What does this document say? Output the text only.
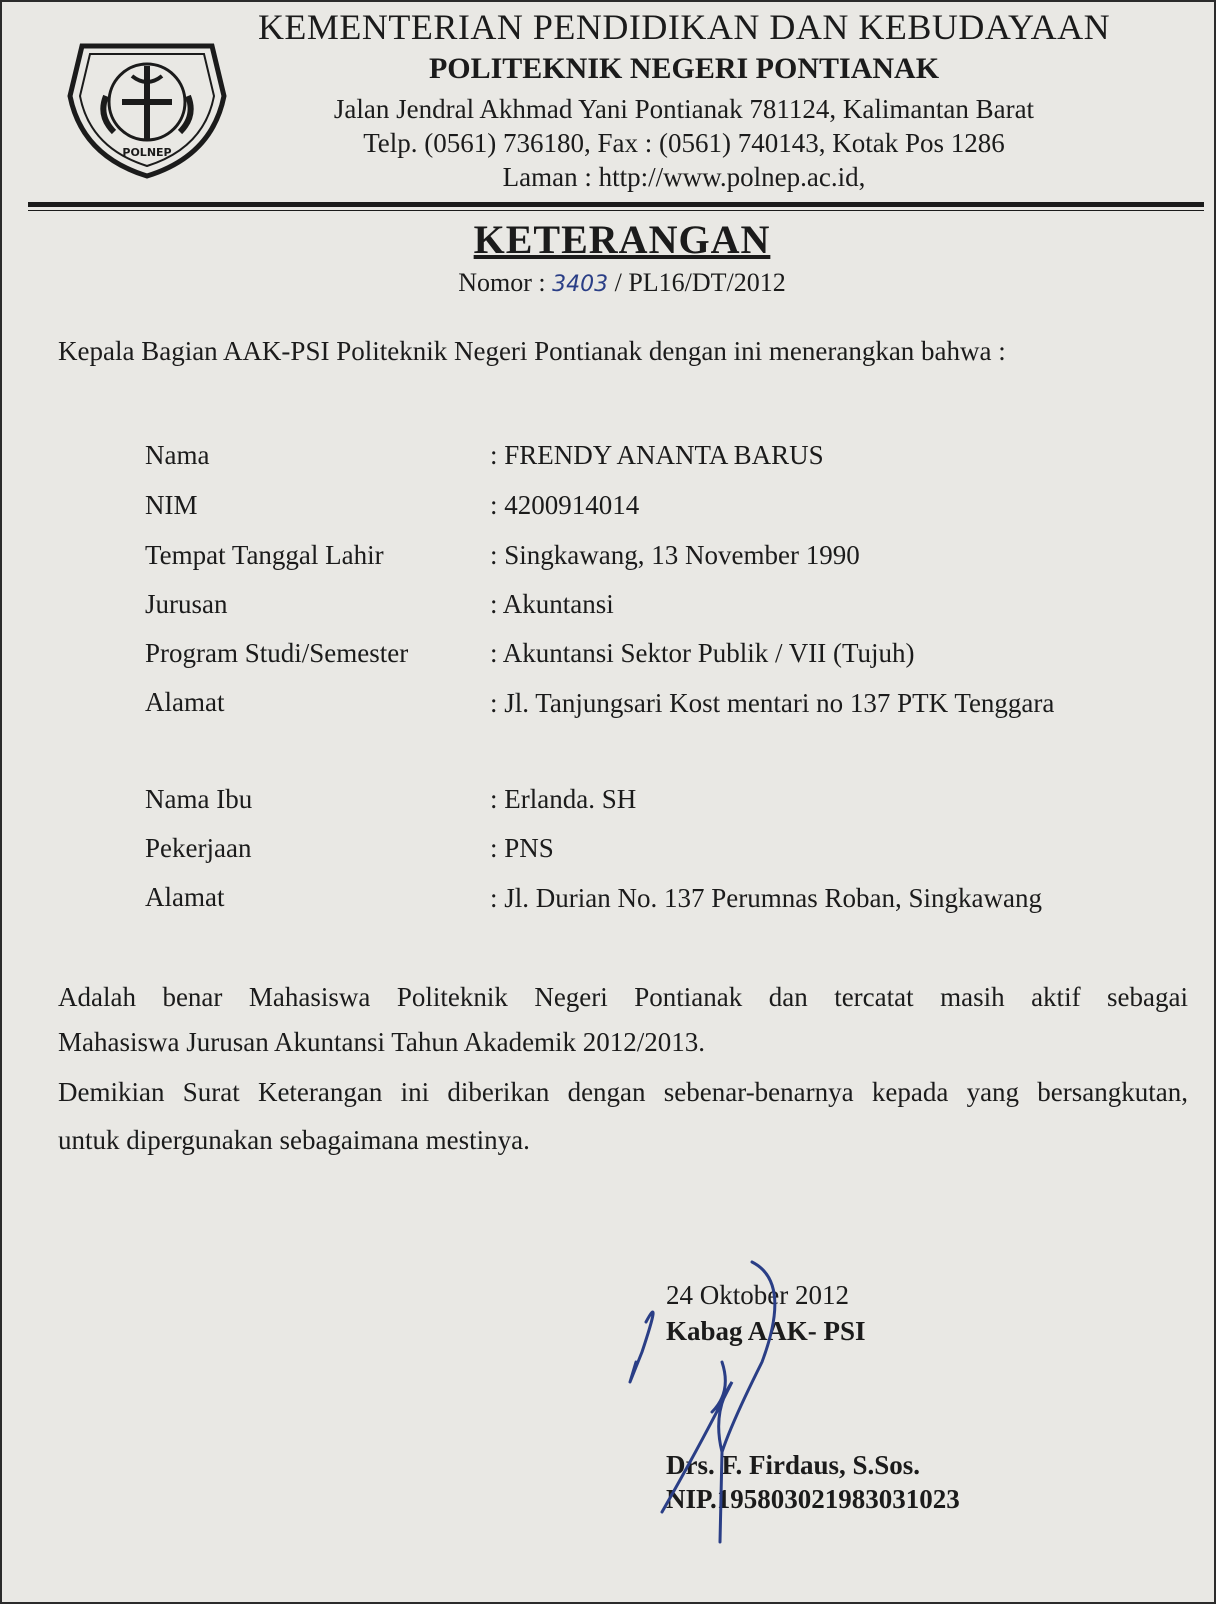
POLNEP
KEMENTERIAN PENDIDIKAN DAN KEBUDAYAAN
POLITEKNIK NEGERI PONTIANAK
Jalan Jendral Akhmad Yani Pontianak 781124, Kalimantan Barat
Telp. (0561) 736180, Fax : (0561) 740143, Kotak Pos 1286
Laman : http://www.polnep.ac.id,
KETERANGAN
Nomor : 3403 / PL16/DT/2012
Kepala Bagian AAK-PSI Politeknik Negeri Pontianak dengan ini menerangkan bahwa :
Nama	: FRENDY ANANTA BARUS
NIM	: 4200914014
Tempat Tanggal Lahir	: Singkawang, 13 November 1990
Jurusan	: Akuntansi
Program Studi/Semester	: Akuntansi Sektor Publik / VII (Tujuh)
Alamat	: Jl. Tanjungsari Kost mentari no 137 PTK Tenggara
Nama Ibu	: Erlanda. SH
Pekerjaan	: PNS
Alamat	: Jl. Durian No. 137 Perumnas Roban, Singkawang
Adalah benar Mahasiswa Politeknik Negeri Pontianak dan tercatat masih aktif sebagai
Mahasiswa Jurusan Akuntansi Tahun Akademik 2012/2013.
Demikian Surat Keterangan ini diberikan dengan sebenar-benarnya kepada yang bersangkutan,
untuk dipergunakan sebagaimana mestinya.
24 Oktober 2012
Kabag AAK- PSI
Drs. F. Firdaus, S.Sos.
NIP.195803021983031023
